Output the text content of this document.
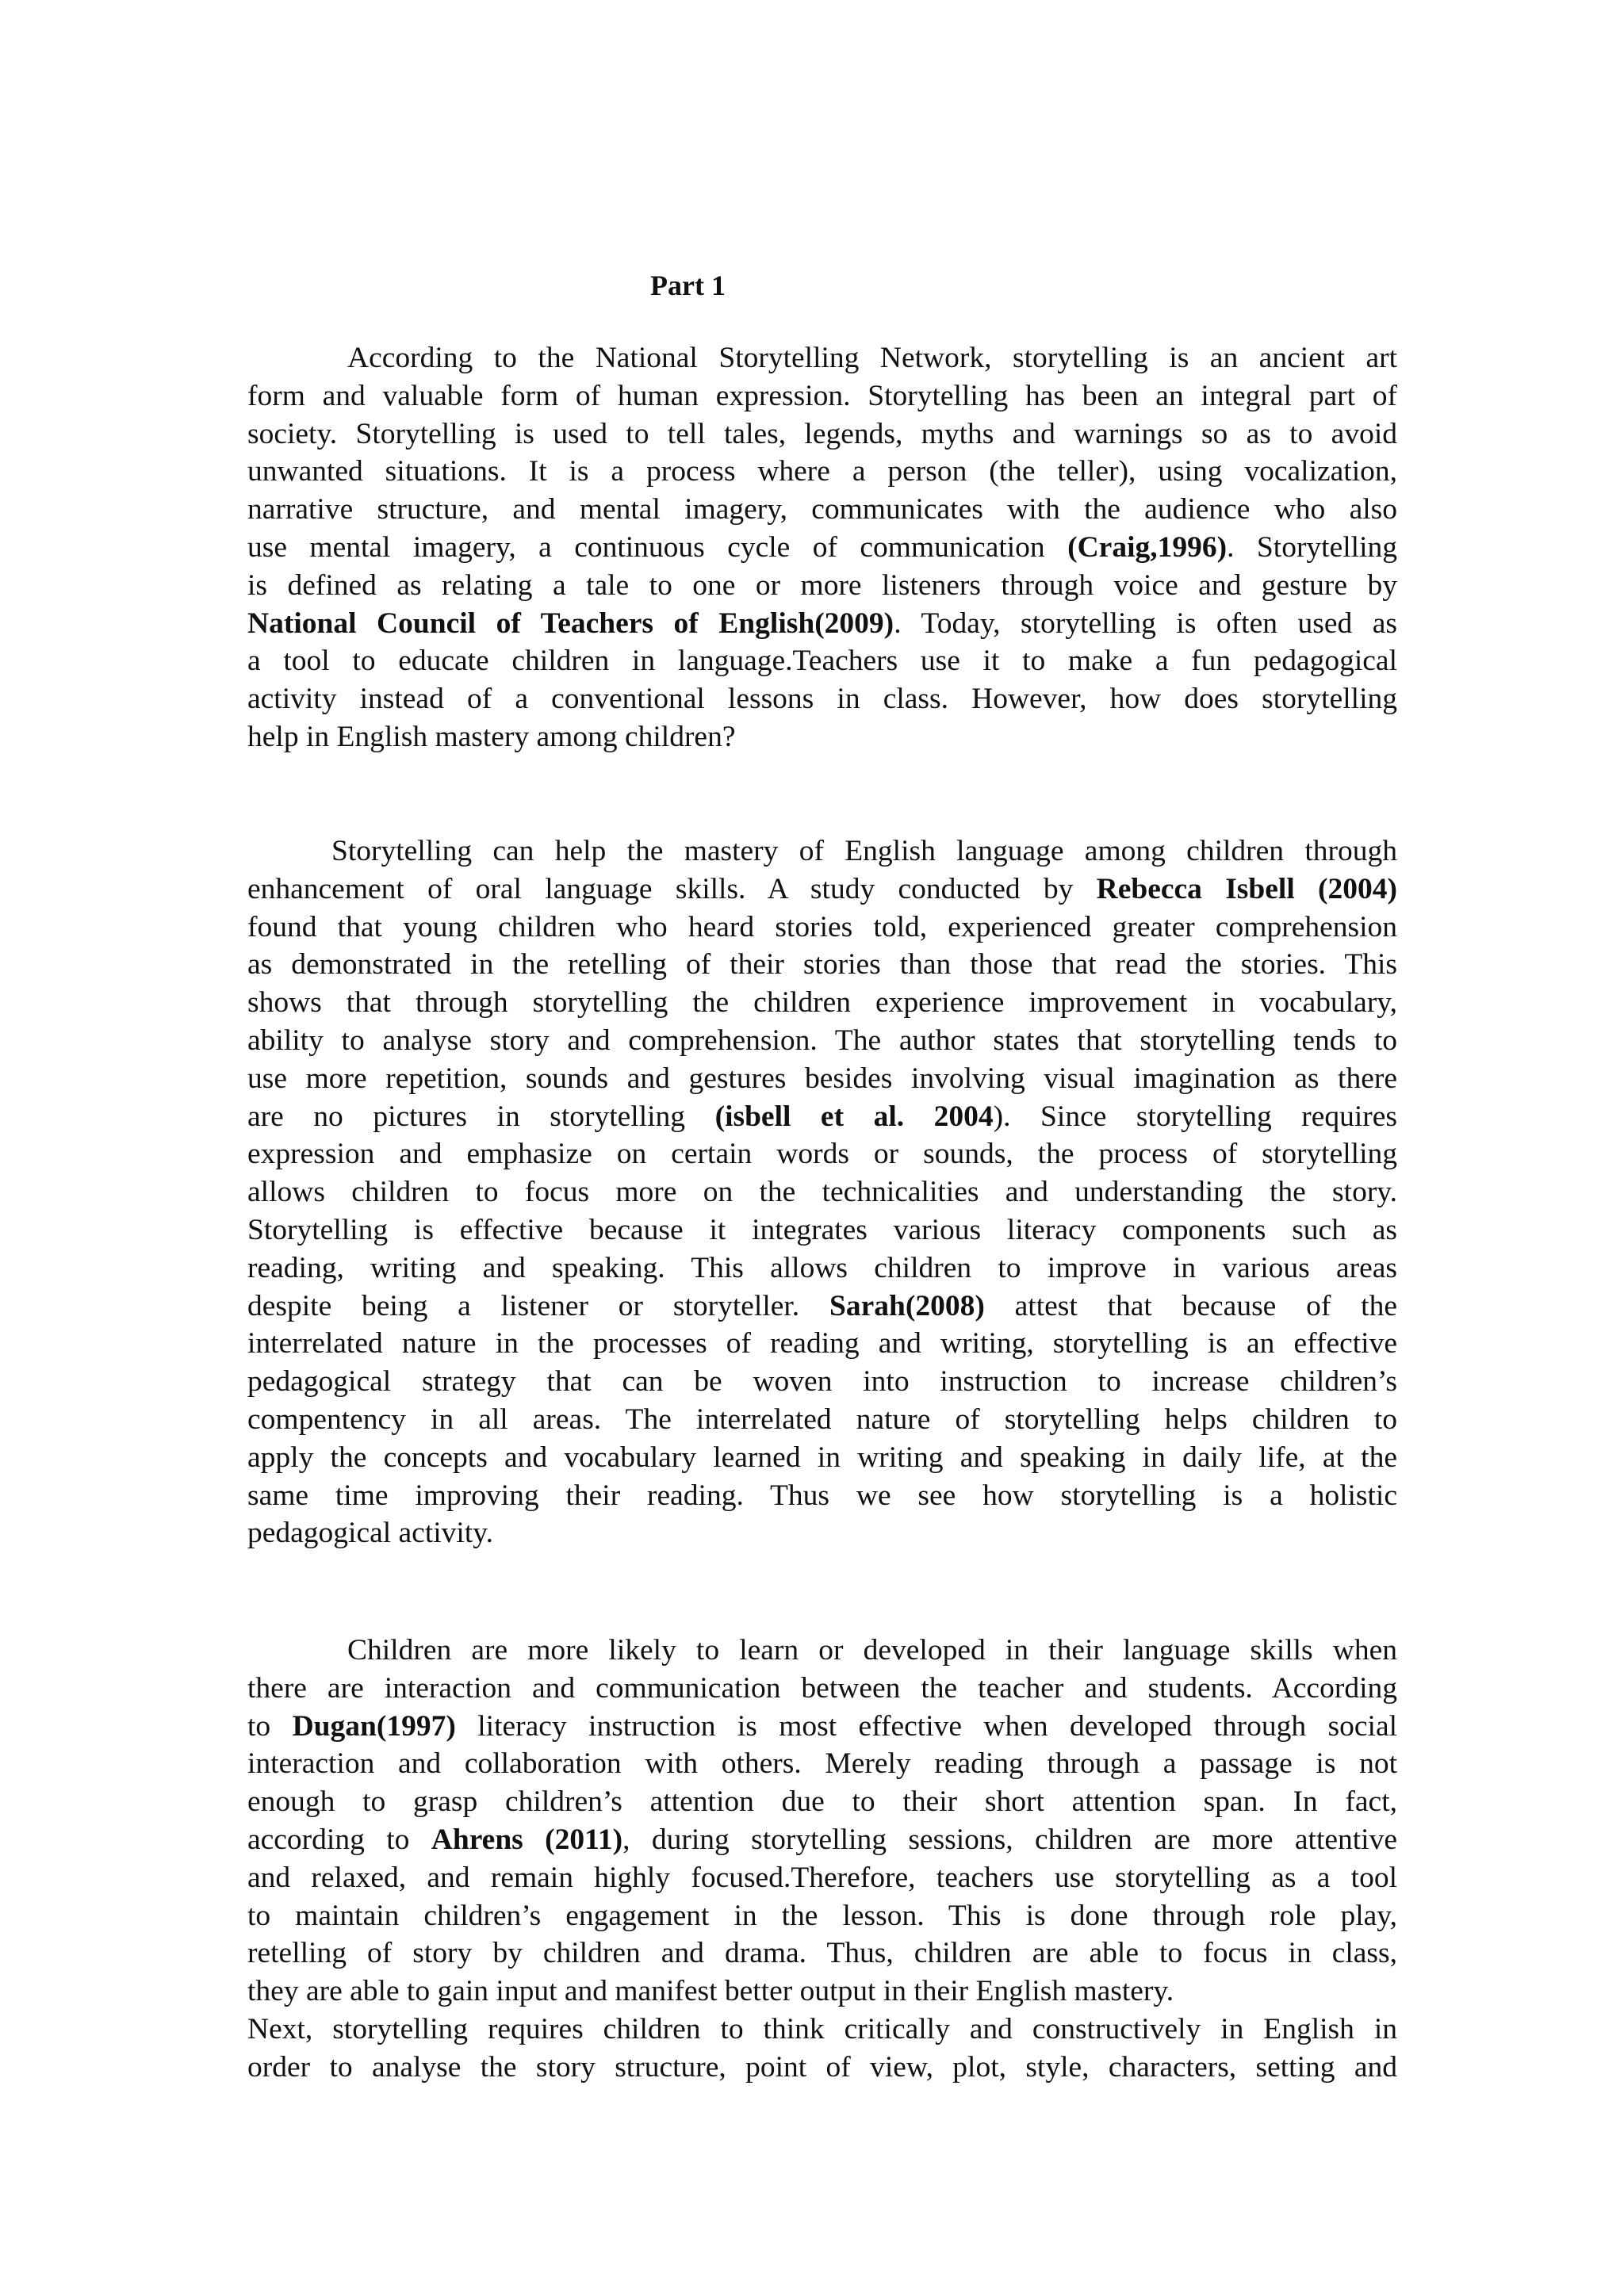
Part 1

According to the National Storytelling Network, storytelling is an ancient art
form and valuable form of human expression. Storytelling has been an integral part of
society. Storytelling is used to tell tales, legends, myths and warnings so as to avoid
unwanted situations. It is a process where a person (the teller), using vocalization,
narrative structure, and mental imagery, communicates with the audience who also
use mental imagery, a continuous cycle of communication (Craig,1996). Storytelling
is defined as relating a tale to one or more listeners through voice and gesture by
National Council of Teachers of English(2009). Today, storytelling is often used as
a tool to educate children in language.Teachers use it to make a fun pedagogical
activity instead of a conventional lessons in class. However, how does storytelling
help in English mastery among children?

Storytelling can help the mastery of English language among children through
enhancement of oral language skills. A study conducted by Rebecca Isbell (2004)
found that young children who heard stories told, experienced greater comprehension
as demonstrated in the retelling of their stories than those that read the stories. This
shows that through storytelling the children experience improvement in vocabulary,
ability to analyse story and comprehension. The author states that storytelling tends to
use more repetition, sounds and gestures besides involving visual imagination as there
are no pictures in storytelling (isbell et al. 2004). Since storytelling requires
expression and emphasize on certain words or sounds, the process of storytelling
allows children to focus more on the technicalities and understanding the story.
Storytelling is effective because it integrates various literacy components such as
reading, writing and speaking. This allows children to improve in various areas
despite being a listener or storyteller. Sarah(2008) attest that because of the
interrelated nature in the processes of reading and writing, storytelling is an effective
pedagogical strategy that can be woven into instruction to increase children’s
compentency in all areas. The interrelated nature of storytelling helps children to
apply the concepts and vocabulary learned in writing and speaking in daily life, at the
same time improving their reading. Thus we see how storytelling is a holistic
pedagogical activity.

Children are more likely to learn or developed in their language skills when
there are interaction and communication between the teacher and students. According
to Dugan(1997) literacy instruction is most effective when developed through social
interaction and collaboration with others. Merely reading through a passage is not
enough to grasp children’s attention due to their short attention span. In fact,
according to Ahrens (2011), during storytelling sessions, children are more attentive
and relaxed, and remain highly focused.Therefore, teachers use storytelling as a tool
to maintain children’s engagement in the lesson. This is done through role play,
retelling of story by children and drama. Thus, children are able to focus in class,
they are able to gain input and manifest better output in their English mastery.
Next, storytelling requires children to think critically and constructively in English in
order to analyse the story structure, point of view, plot, style, characters, setting and
